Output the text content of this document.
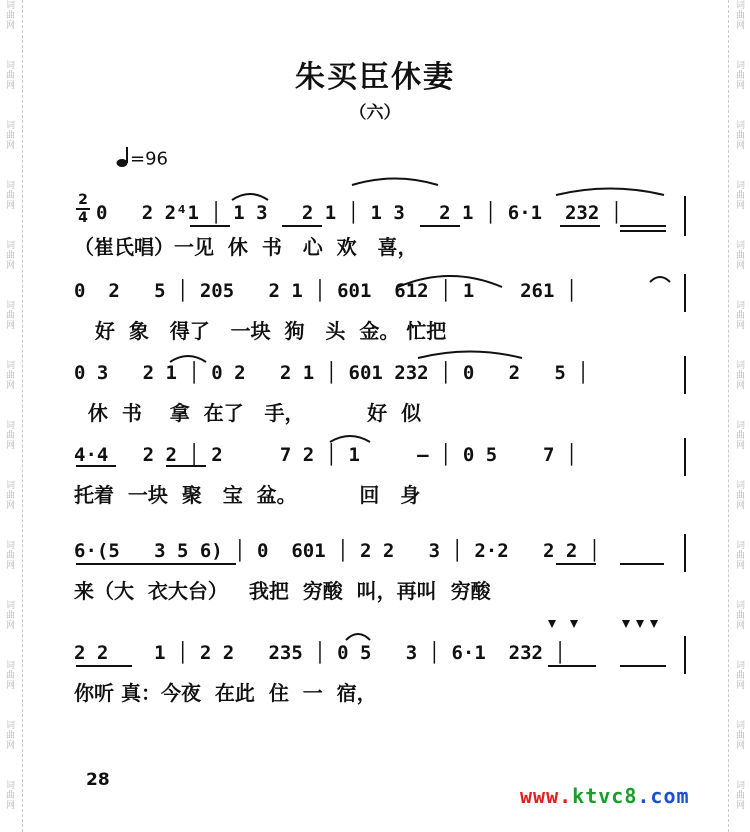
词曲网
词曲网
词曲网
词曲网
词曲网
词曲网
词曲网
词曲网
词曲网
词曲网
词曲网
词曲网
词曲网
词曲网
词曲网
词曲网
词曲网
词曲网
词曲网
词曲网
词曲网
词曲网
词曲网
词曲网
词曲网
词曲网
词曲网
词曲网
朱买臣休妻
（六）
=96
2
4 0   2 2⁴1 │ 1 3   2 1 │ 1 3   2 1 │ 6·1  232 │
（崔氏唱）一见  休  书   心  欢   喜，
0  2   5 │ 205   2 1 │ 601  612 │ 1    261 │
好  象   得了   一块  狗   头  金。 忙把
0 3   2 1 │ 0 2   2 1 │ 601 232 │ 0   2   5 │
休  书    拿  在了   手，         好  似
4·4   2 2 │ 2     7 2 │ 1     — │ 0 5    7 │
托着  一块  聚   宝  盆。         回   身
6·(5   3 5 6) │ 0  601 │ 2 2   3 │ 2·2   2 2 │
来（大  衣大台）   我把  穷酸  叫，再叫  穷酸
2 2    1 │ 2 2   235 │ 0 5   3 │ 6·1  232 │
你听 真：今夜  在此  住  一  宿，
28
www.ktvc8.com
